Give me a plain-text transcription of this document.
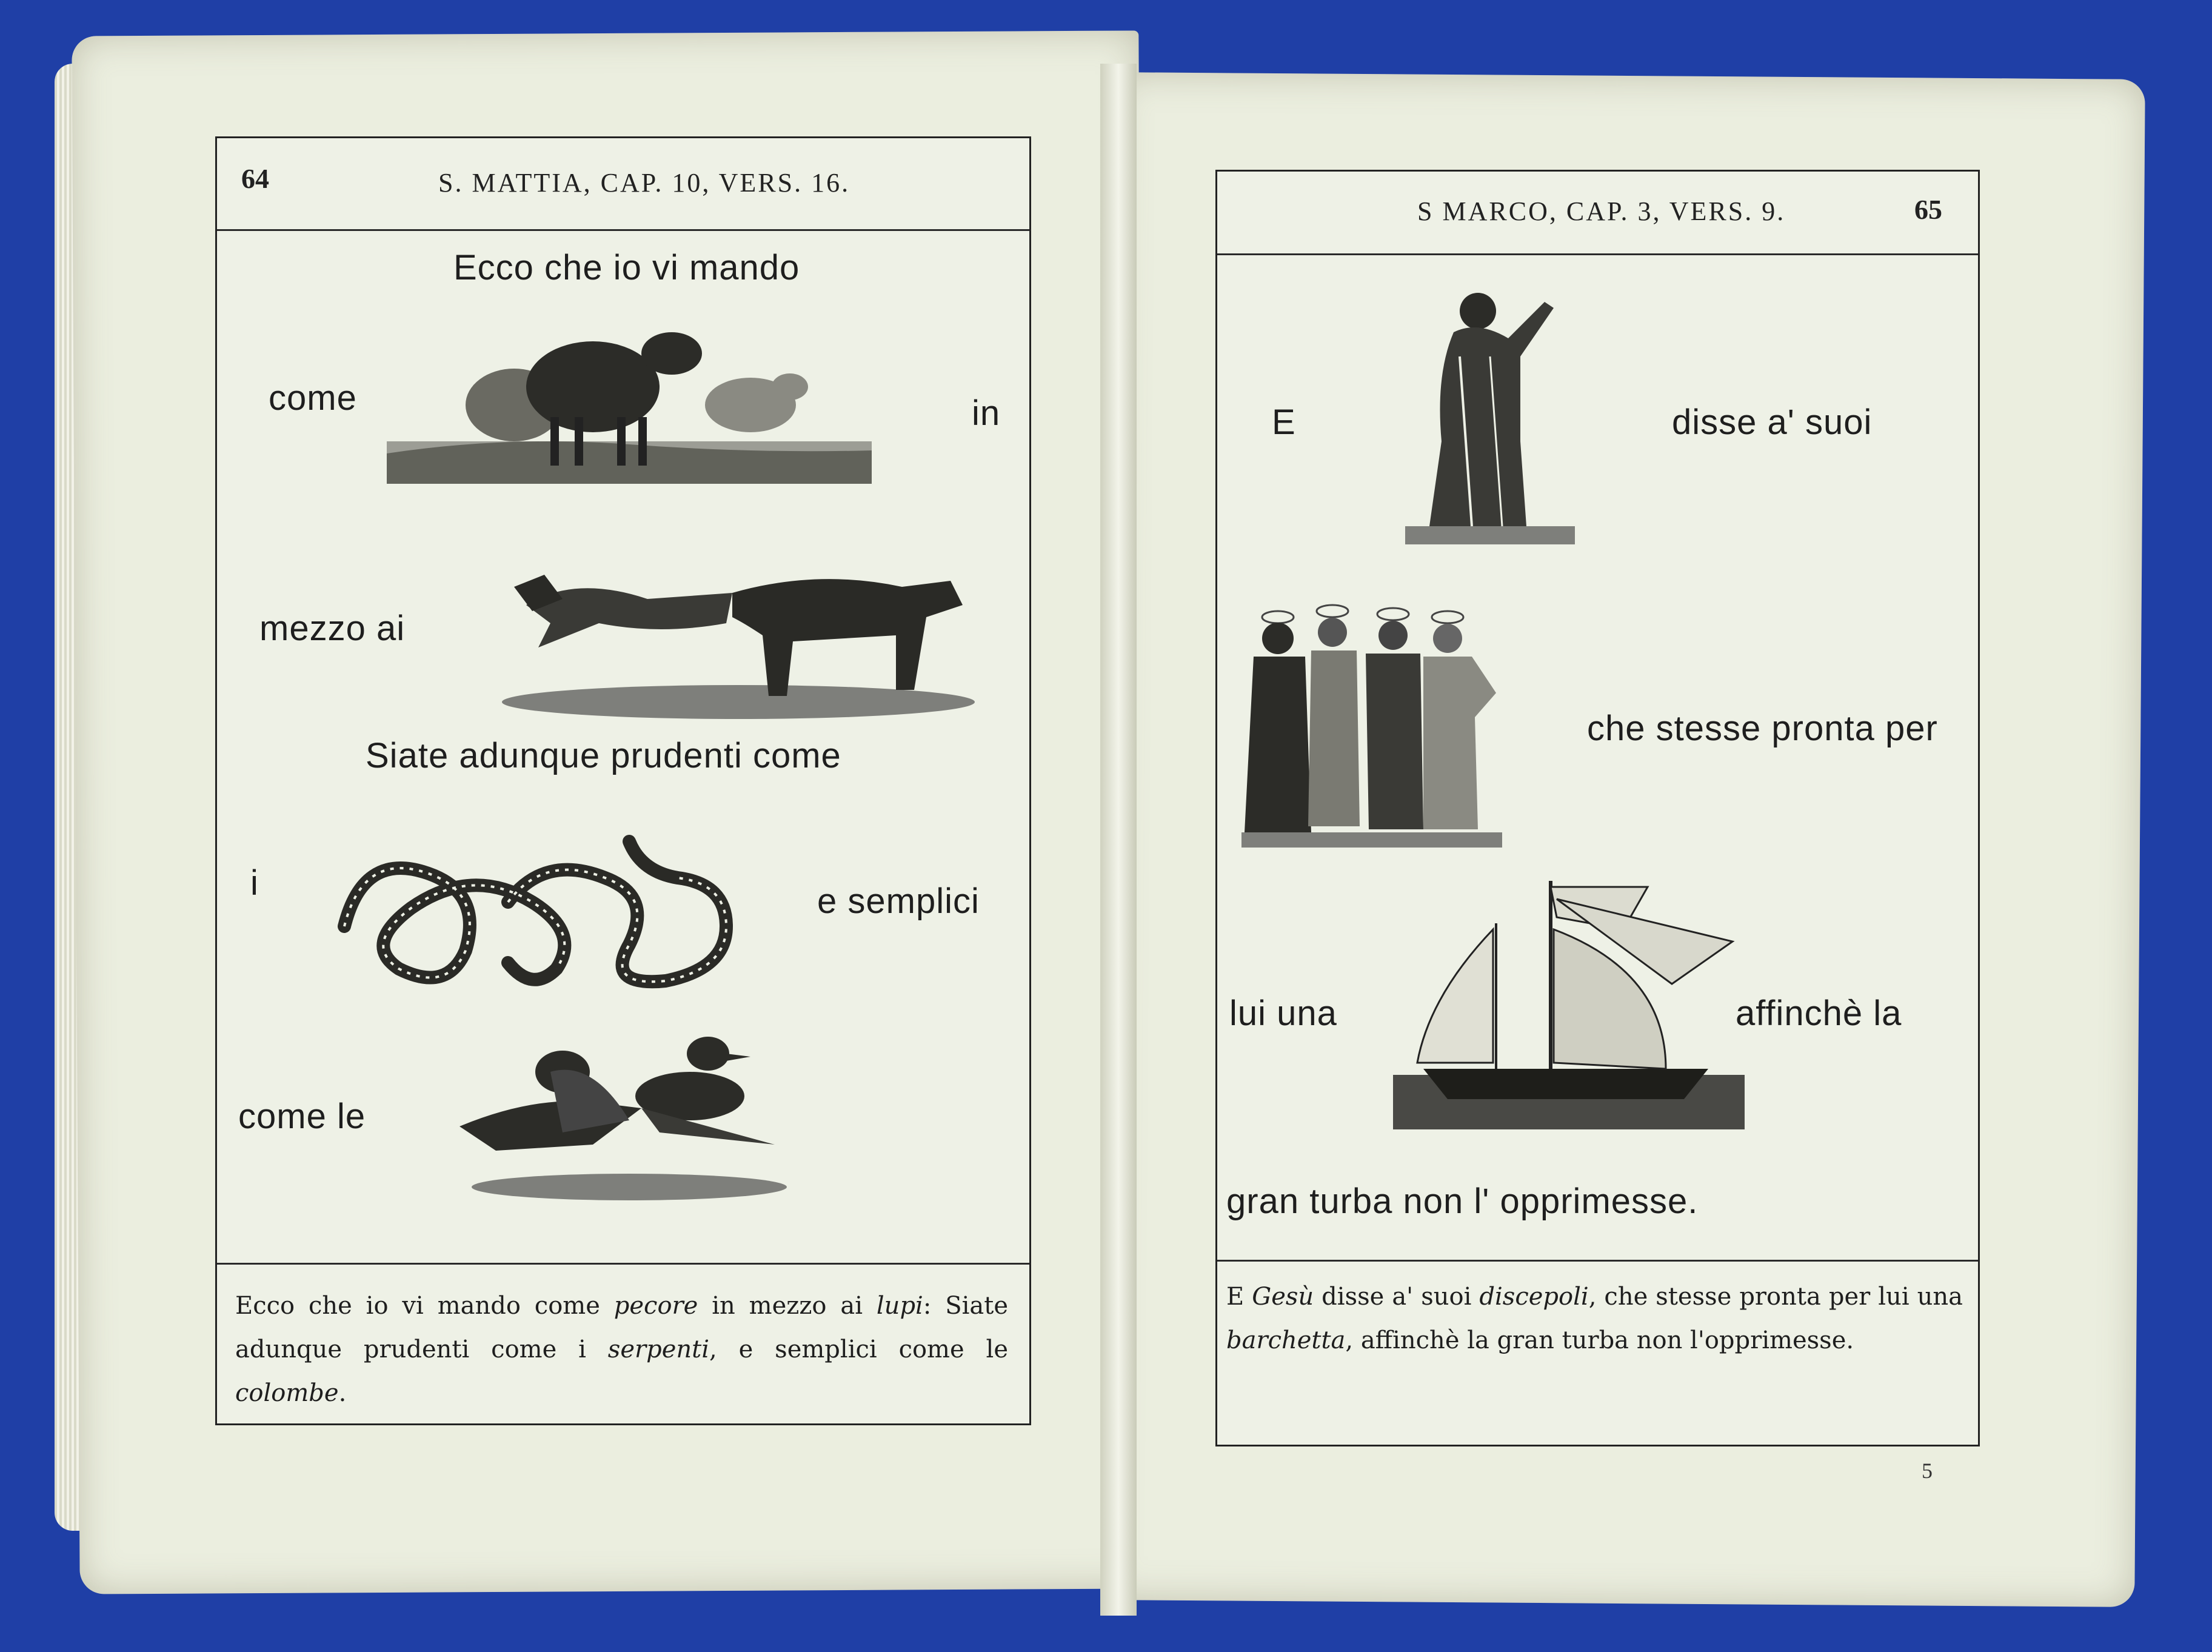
64	S. MATTIA, CAP. 10, VERS. 16.
Ecco che io vi mando
come	in
mezzo ai
Siate adunque prudenti come
i	e semplici
come le
Ecco che io vi mando come pecore in mezzo ai lupi: Siate adunque prudenti come i serpenti, e semplici come le colombe.
S MARCO, CAP. 3, VERS. 9.	65
E	disse a' suoi
che stesse pronta per
lui una	affinchè la
gran turba non l' opprimesse.
E Gesù disse a' suoi discepoli, che stesse pronta per lui una barchetta, affinchè la gran turba non l'opprimesse.
5
